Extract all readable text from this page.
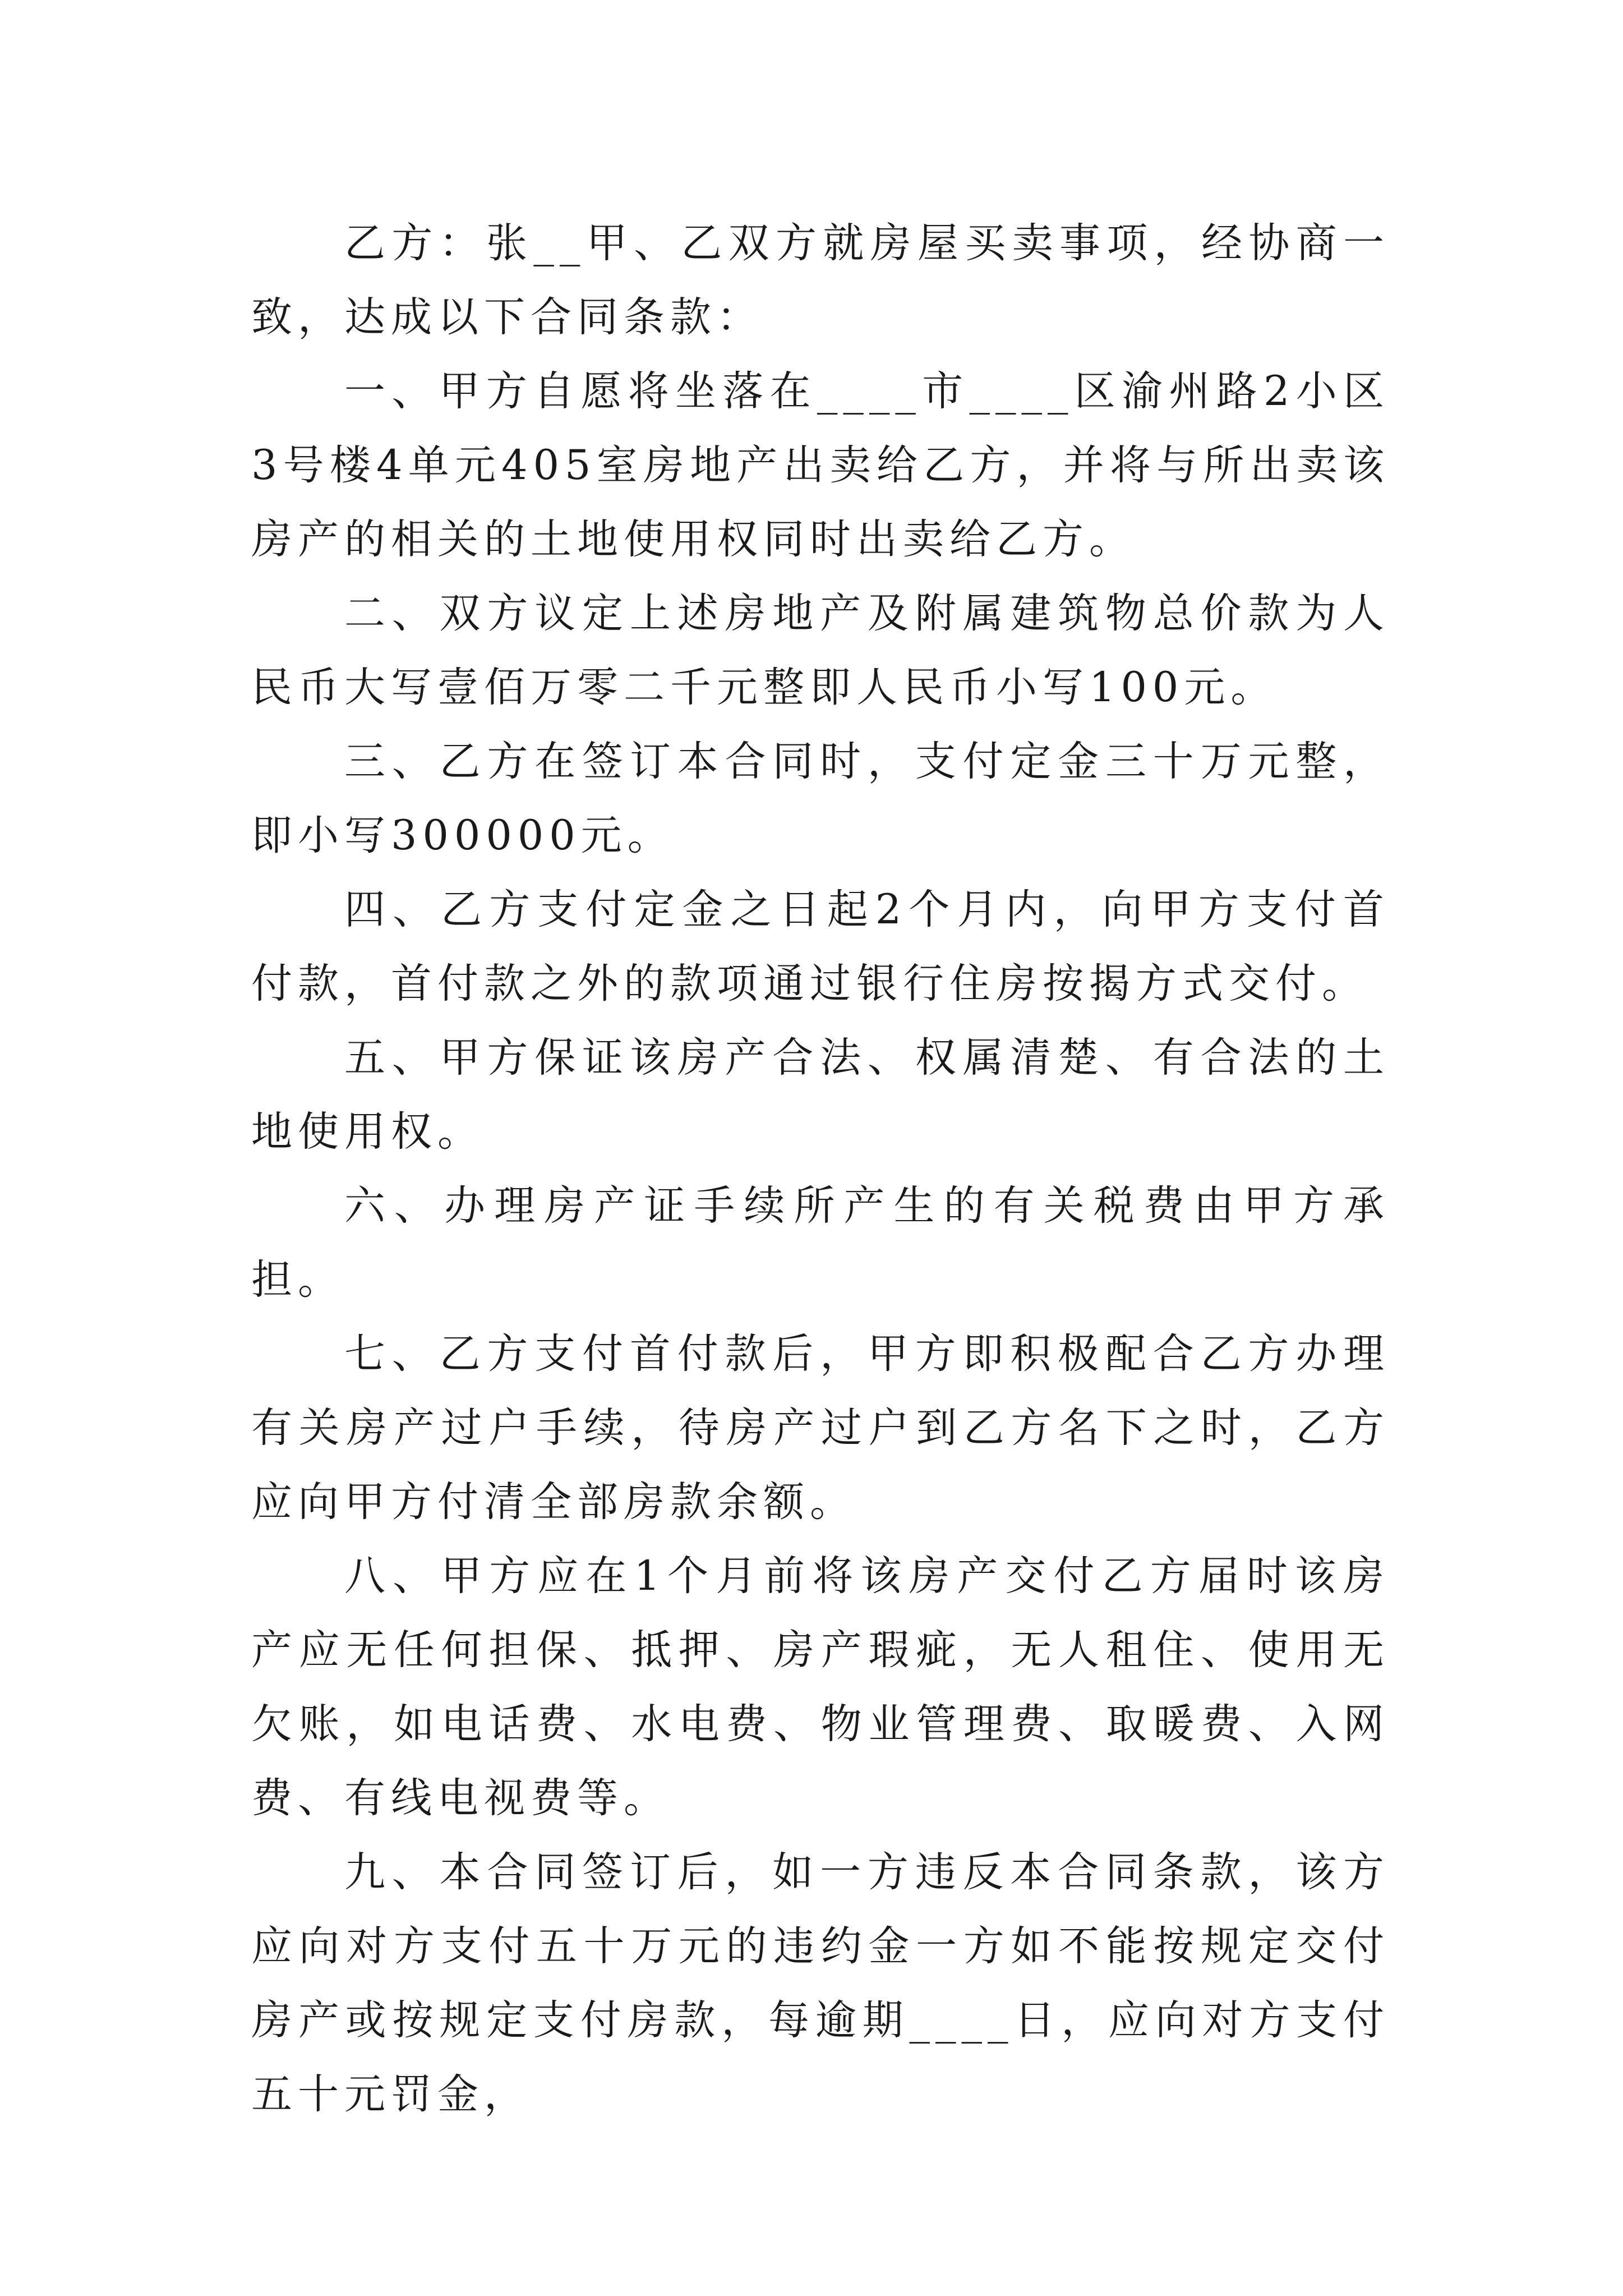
乙方：张__甲、乙双方就房屋买卖事项，经协商一致，达成以下合同条款：

一、甲方自愿将坐落在____市____区渝州路2小区3号楼4单元405室房地产出卖给乙方，并将与所出卖该房产的相关的土地使用权同时出卖给乙方。

二、双方议定上述房地产及附属建筑物总价款为人民币大写壹佰万零二千元整即人民币小写100元。

三、乙方在签订本合同时，支付定金三十万元整，即小写300000元。

四、乙方支付定金之日起2个月内，向甲方支付首付款，首付款之外的款项通过银行住房按揭方式交付。

五、甲方保证该房产合法、权属清楚、有合法的土地使用权。

六、办理房产证手续所产生的有关税费由甲方承担。

七、乙方支付首付款后，甲方即积极配合乙方办理有关房产过户手续，待房产过户到乙方名下之时，乙方应向甲方付清全部房款余额。

八、甲方应在1个月前将该房产交付乙方届时该房产应无任何担保、抵押、房产瑕疵，无人租住、使用无欠账，如电话费、水电费、物业管理费、取暖费、入网费、有线电视费等。

九、本合同签订后，如一方违反本合同条款，该方应向对方支付五十万元的违约金一方如不能按规定交付房产或按规定支付房款，每逾期____日，应向对方支付五十元罚金，
